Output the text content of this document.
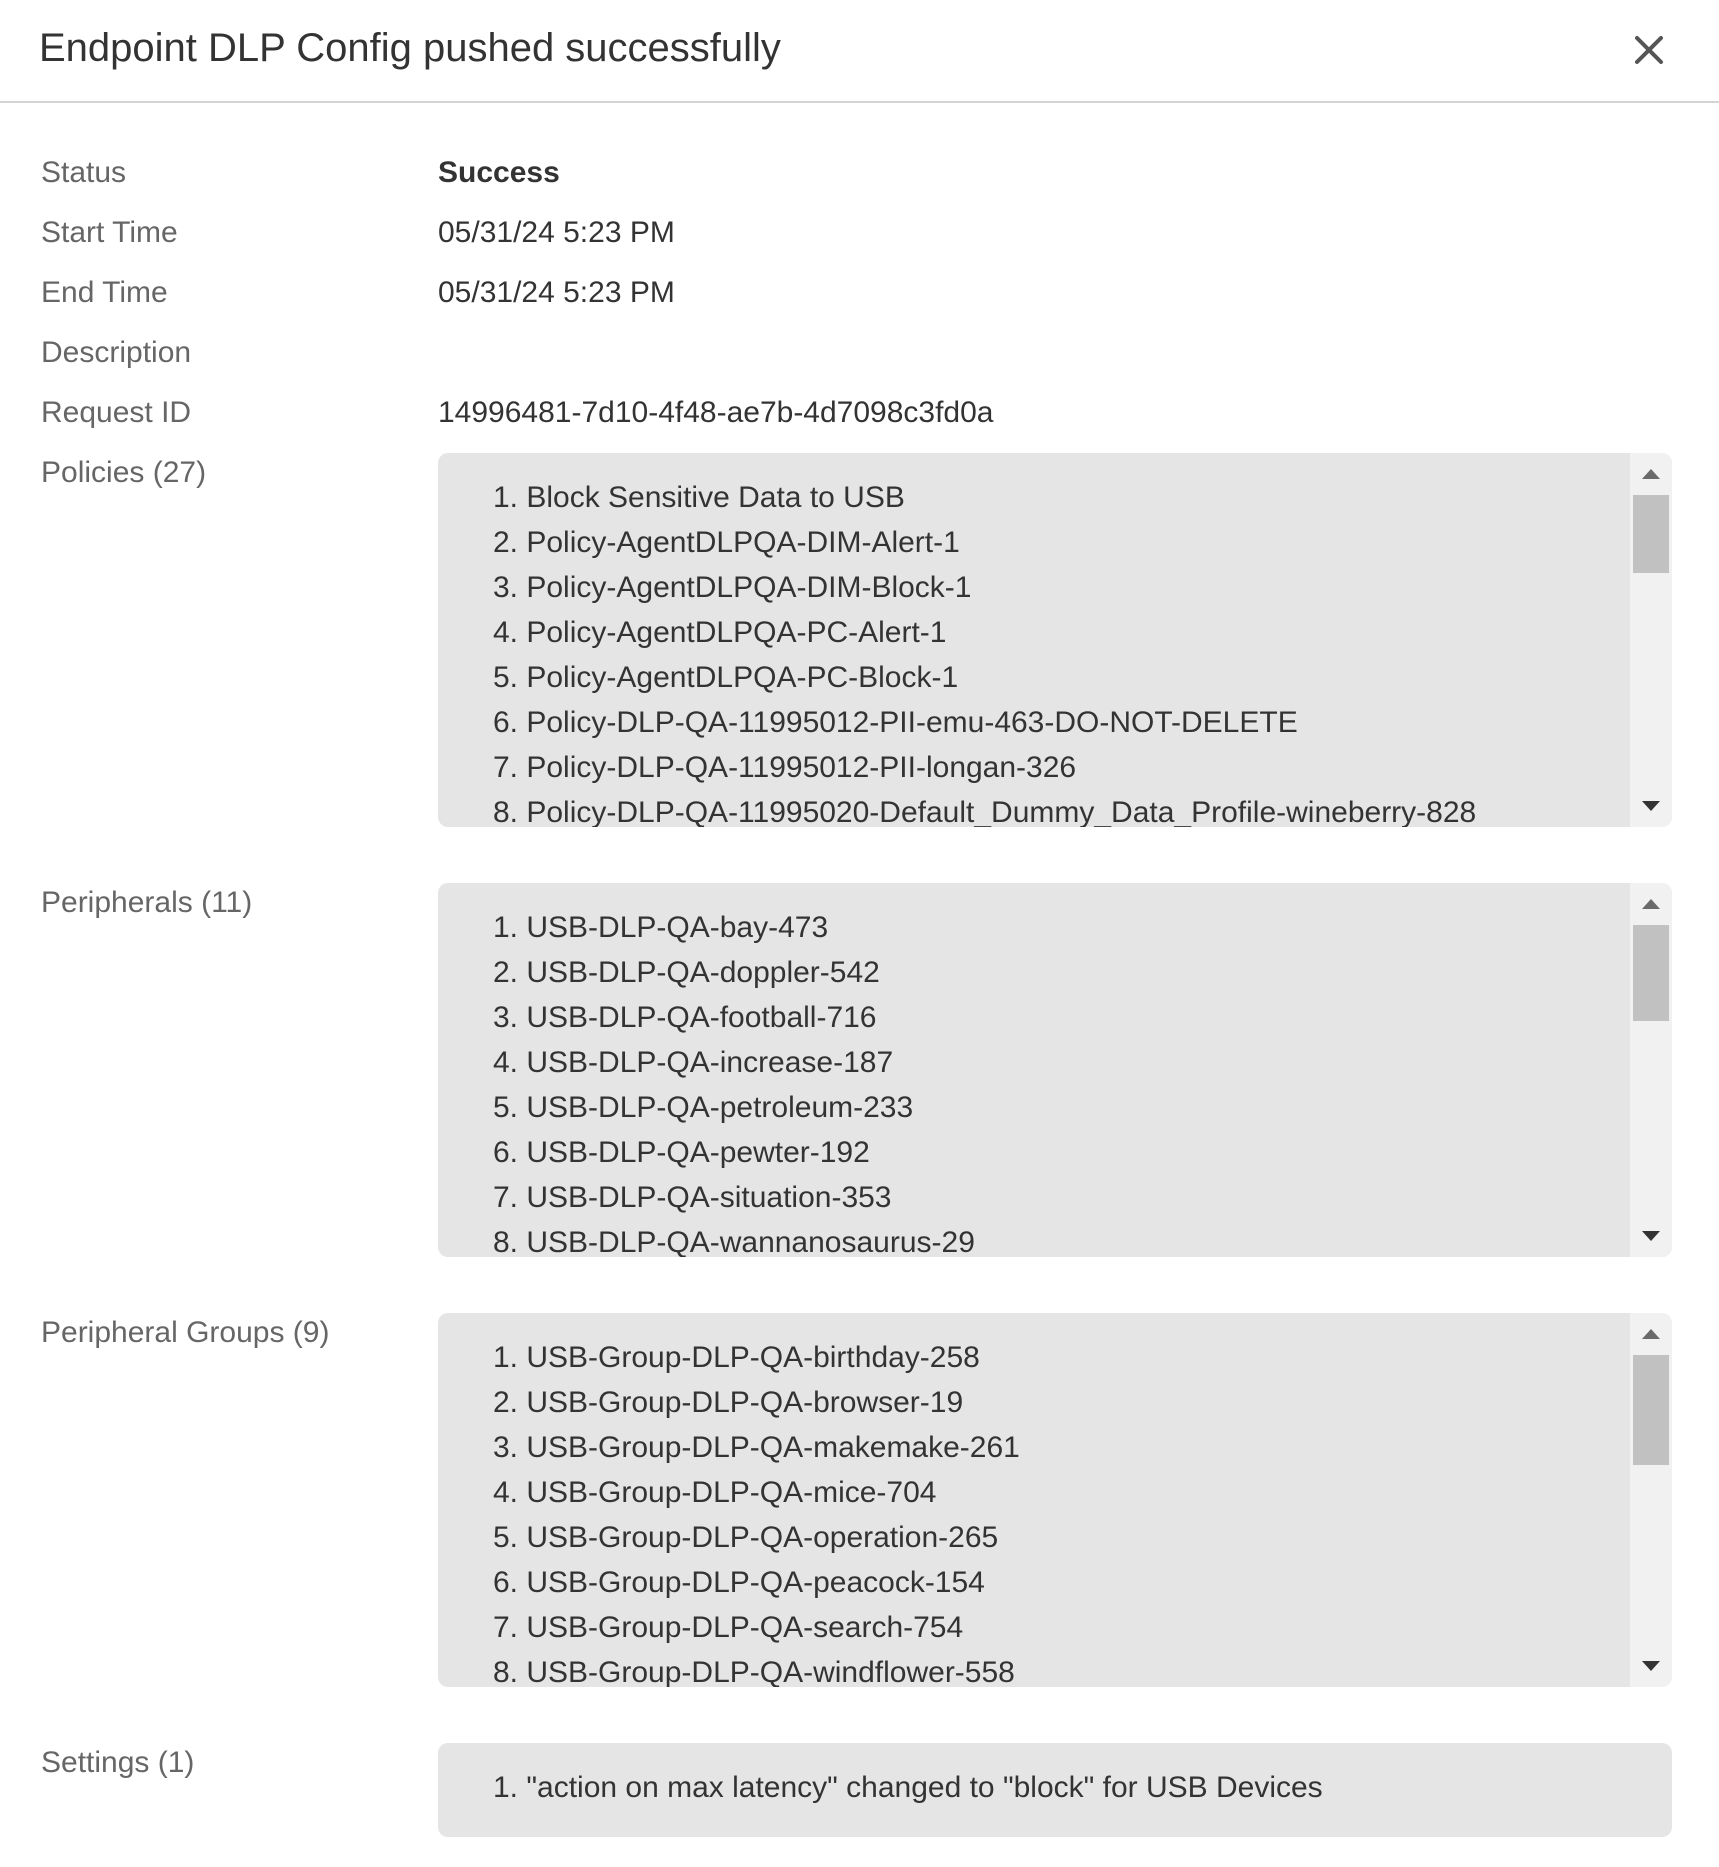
Endpoint DLP Config pushed successfully
Status	Success
Start Time	05/31/24 5:23 PM
End Time	05/31/24 5:23 PM
Description
Request ID	14996481-7d10-4f48-ae7b-4d7098c3fd0a
Policies (27)
1. Block Sensitive Data to USB
2. Policy-AgentDLPQA-DIM-Alert-1
3. Policy-AgentDLPQA-DIM-Block-1
4. Policy-AgentDLPQA-PC-Alert-1
5. Policy-AgentDLPQA-PC-Block-1
6. Policy-DLP-QA-11995012-PII-emu-463-DO-NOT-DELETE
7. Policy-DLP-QA-11995012-PII-longan-326
8. Policy-DLP-QA-11995020-Default_Dummy_Data_Profile-wineberry-828
Peripherals (11)
1. USB-DLP-QA-bay-473
2. USB-DLP-QA-doppler-542
3. USB-DLP-QA-football-716
4. USB-DLP-QA-increase-187
5. USB-DLP-QA-petroleum-233
6. USB-DLP-QA-pewter-192
7. USB-DLP-QA-situation-353
8. USB-DLP-QA-wannanosaurus-29
Peripheral Groups (9)
1. USB-Group-DLP-QA-birthday-258
2. USB-Group-DLP-QA-browser-19
3. USB-Group-DLP-QA-makemake-261
4. USB-Group-DLP-QA-mice-704
5. USB-Group-DLP-QA-operation-265
6. USB-Group-DLP-QA-peacock-154
7. USB-Group-DLP-QA-search-754
8. USB-Group-DLP-QA-windflower-558
Settings (1)
1. "action on max latency" changed to "block" for USB Devices
